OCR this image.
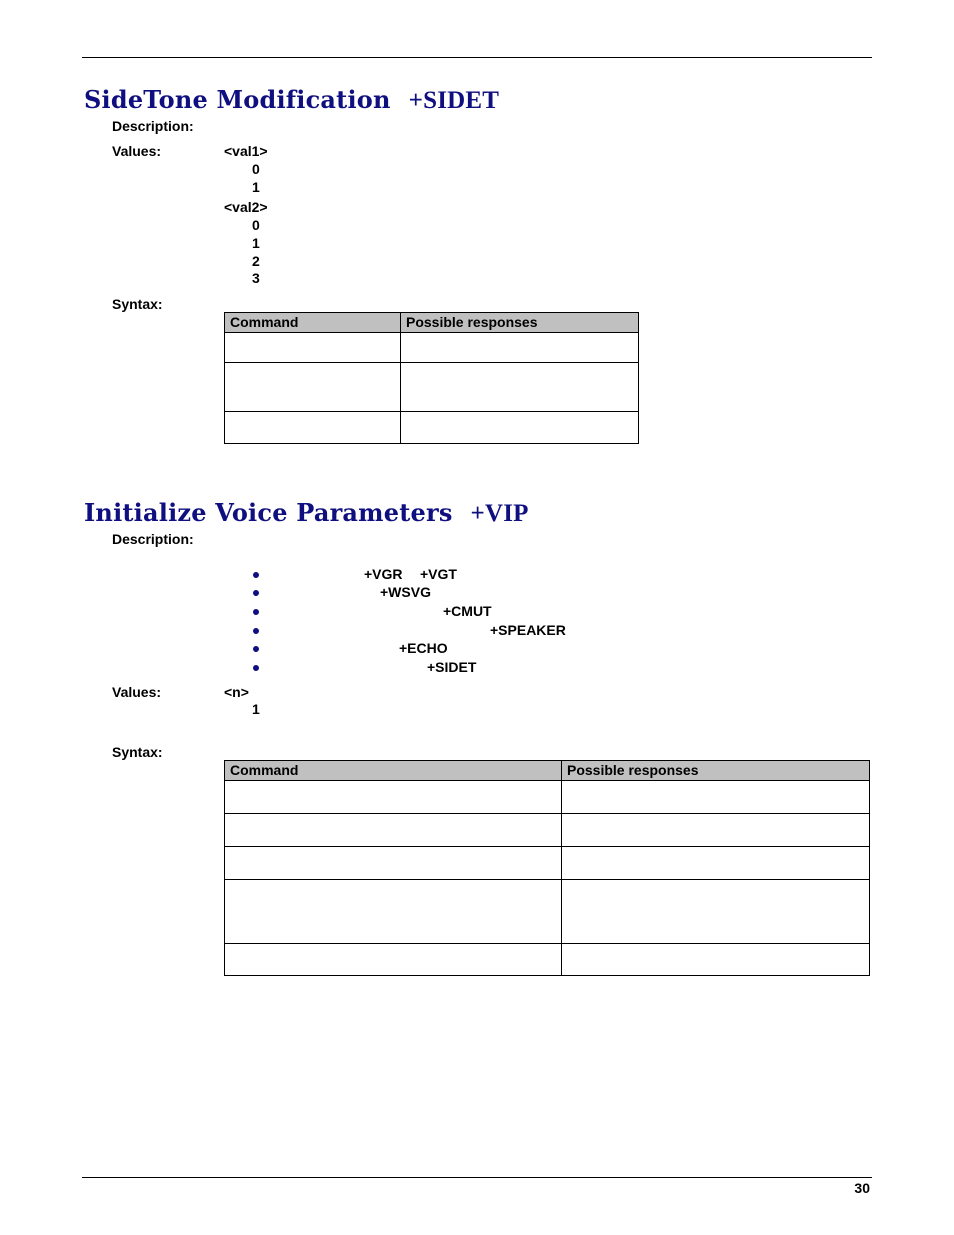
SideTone Modification +SIDET
Description:
Values:	<val1>
0
1
<val2>
0
1
2
3
Syntax:
Command	Possible responses

Initialize Voice Parameters +VIP
Description:
+VGR +VGT
+WSVG
+CMUT
+SPEAKER
+ECHO
+SIDET
Values:	<n>
1
Syntax:
Command	Possible responses

30
